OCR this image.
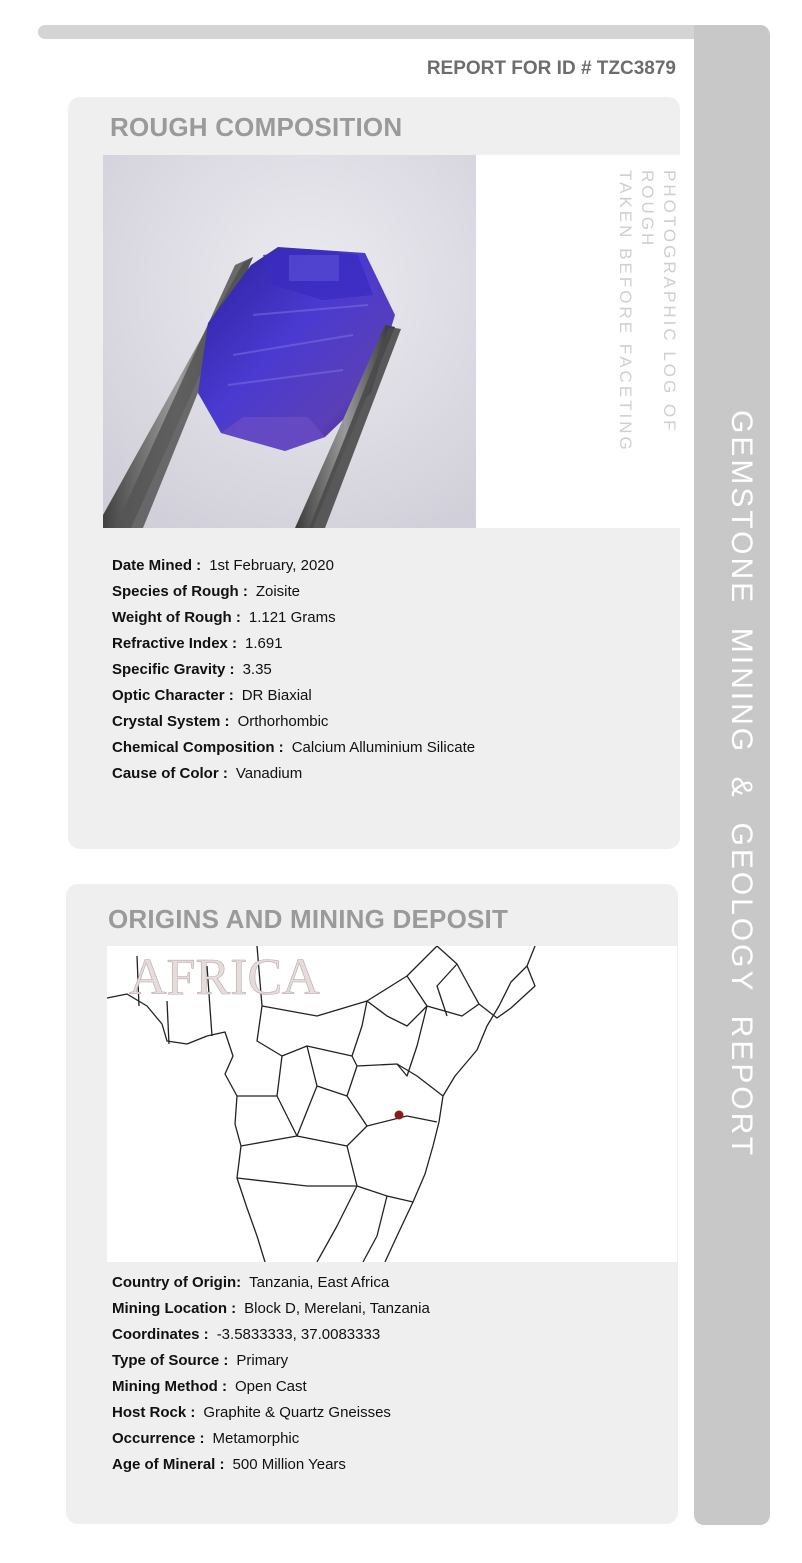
GEMSTONE  MINING  &  GEOLOGY  REPORT
REPORT FOR ID # TZC3879
ROUGH COMPOSITION
PHOTOGRAPHIC LOG OF ROUGH
TAKEN BEFORE FACETING
Date Mined : 1st February, 2020
Species of Rough : Zoisite
Weight of Rough : 1.121 Grams
Refractive Index : 1.691
Specific Gravity : 3.35
Optic Character : DR Biaxial
Crystal System : Orthorhombic
Chemical Composition : Calcium Alluminium Silicate
Cause of Color : Vanadium
ORIGINS AND MINING DEPOSIT
AFRICA
Country of Origin: Tanzania, East Africa
Mining Location : Block D, Merelani, Tanzania
Coordinates : -3.5833333, 37.0083333
Type of Source : Primary
Mining Method : Open Cast
Host Rock : Graphite & Quartz Gneisses
Occurrence : Metamorphic
Age of Mineral : 500 Million Years
